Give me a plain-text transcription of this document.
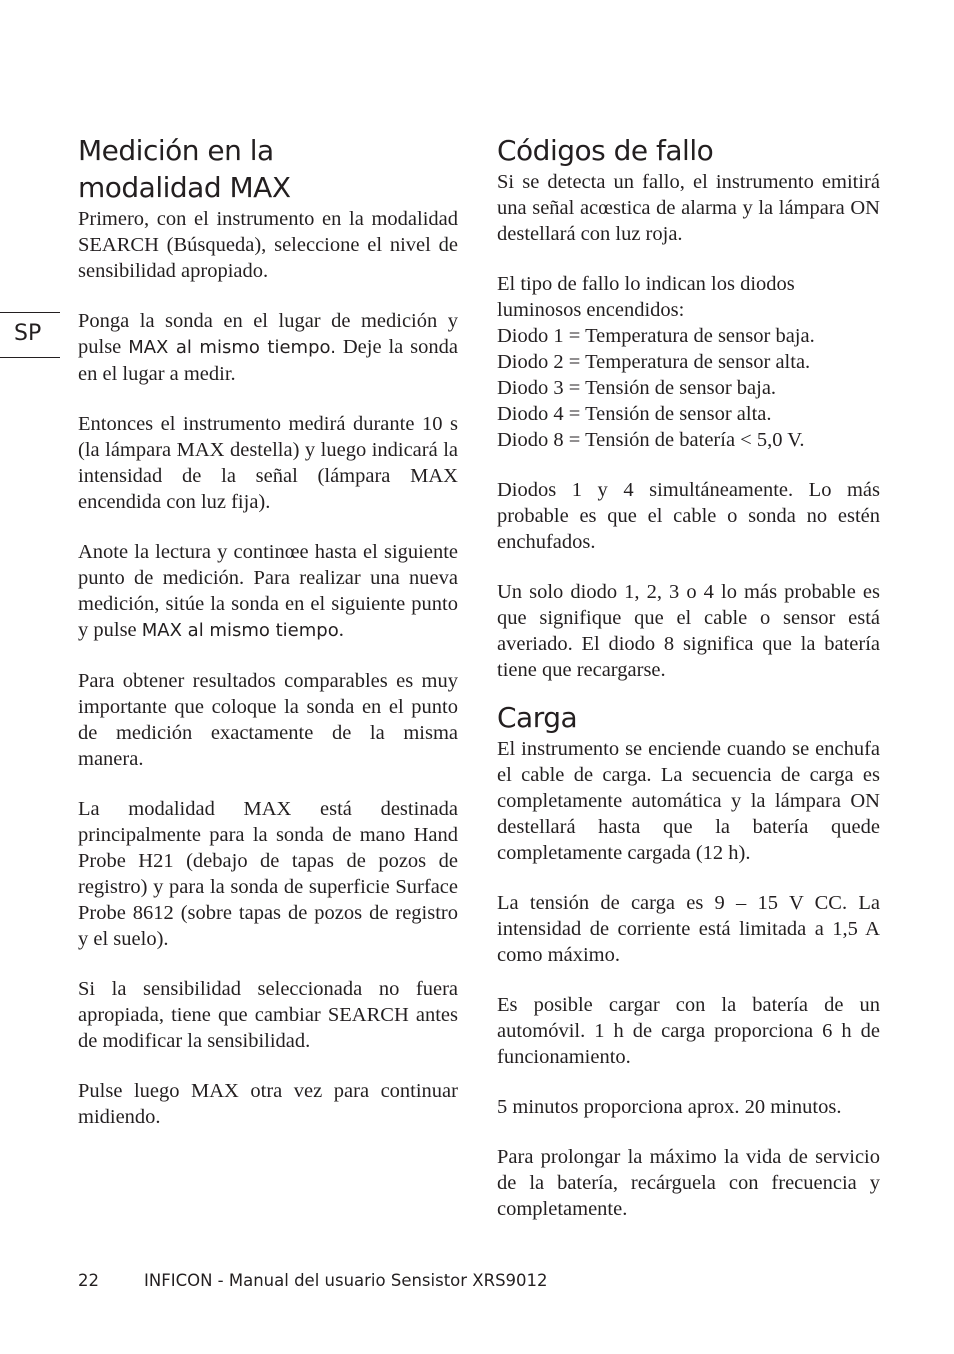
SP
Medición en la modalidad MAX

Primero, con el instrumento en la modalidad SEARCH (Búsqueda), seleccione el nivel de sensibilidad apropiado.

Ponga la sonda en el lugar de medición y pulse MAX al mismo tiempo. Deje la sonda en el lugar a medir.

Entonces el instrumento medirá durante 10 s (la lámpara MAX destella) y luego indicará la intensidad de la señal (lámpara MAX encendida con luz fija).

Anote la lectura y continœe hasta el siguiente punto de medición. Para realizar una nueva medición, sitúe la sonda en el siguiente punto y pulse MAX al mismo tiempo.

Para obtener resultados comparables es muy importante que coloque la sonda en el punto de medición exactamente de la misma manera.

La modalidad MAX está destinada principalmente para la sonda de mano Hand Probe H21 (debajo de tapas de pozos de registro) y para la sonda de superficie Surface Probe 8612 (sobre tapas de pozos de registro y el suelo).

Si la sensibilidad seleccionada no fuera apropiada, tiene que cambiar SEARCH antes de modificar la sensibilidad.

Pulse luego MAX otra vez para continuar midiendo.

Códigos de fallo

Si se detecta un fallo, el instrumento emitirá una señal acœstica de alarma y la lámpara ON destellará con luz roja.

El tipo de fallo lo indican los diodos luminosos encendidos:

Diodo 1 = Temperatura de sensor baja.
Diodo 2 = Temperatura de sensor alta.
Diodo 3 = Tensión de sensor baja.
Diodo 4 = Tensión de sensor alta.
Diodo 8 = Tensión de batería < 5,0 V.

Diodos 1 y 4 simultáneamente. Lo más probable es que el cable o sonda no estén enchufados.

Un solo diodo 1, 2, 3 o 4 lo más probable es que signifique que el cable o sensor está averiado. El diodo 8 significa que la batería tiene que recargarse.

Carga

El instrumento se enciende cuando se enchufa el cable de carga. La secuencia de carga es completamente automática y la lámpara ON destellará hasta que la batería quede completamente cargada (12 h).

La tensión de carga es 9 – 15 V CC. La intensidad de corriente está limitada a 1,5 A como máximo.

Es posible cargar con la batería de un automóvil. 1 h de carga proporciona 6 h de funcionamiento.

5 minutos proporciona aprox. 20 minutos.

Para prolongar la máximo la vida de servicio de la batería, recárguela con frecuencia y completamente.

22	INFICON - Manual del usuario Sensistor XRS9012
